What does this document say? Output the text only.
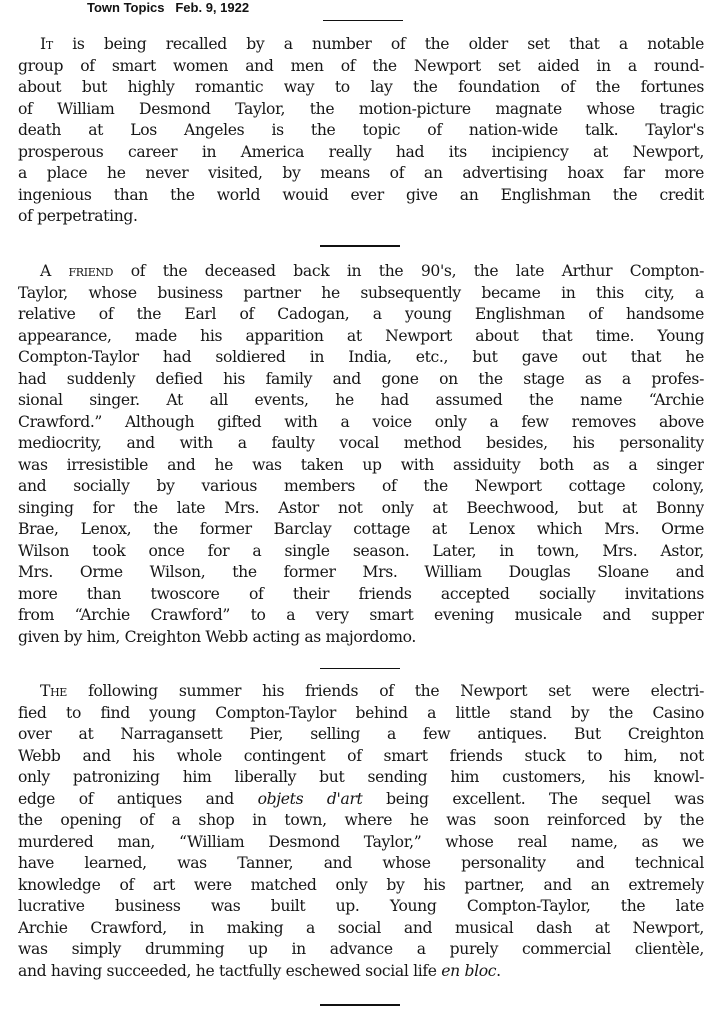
Town Topics Feb. 9, 1922
It is being recalled by a number of the older set that a notable
group of smart women and men of the Newport set aided in a round-
about but highly romantic way to lay the foundation of the fortunes
of William Desmond Taylor, the motion-picture magnate whose tragic
death at Los Angeles is the topic of nation-wide talk. Taylor's
prosperous career in America really had its incipiency at Newport,
a place he never visited, by means of an advertising hoax far more
ingenious than the world wouid ever give an Englishman the credit
of perpetrating.
A friend of the deceased back in the 90's, the late Arthur Compton-
Taylor, whose business partner he subsequently became in this city, a
relative of the Earl of Cadogan, a young Englishman of handsome
appearance, made his apparition at Newport about that time. Young
Compton-Taylor had soldiered in India, etc., but gave out that he
had suddenly defied his family and gone on the stage as a profes-
sional singer. At all events, he had assumed the name “Archie
Crawford.” Although gifted with a voice only a few removes above
mediocrity, and with a faulty vocal method besides, his personality
was irresistible and he was taken up with assiduity both as a singer
and socially by various members of the Newport cottage colony,
singing for the late Mrs. Astor not only at Beechwood, but at Bonny
Brae, Lenox, the former Barclay cottage at Lenox which Mrs. Orme
Wilson took once for a single season. Later, in town, Mrs. Astor,
Mrs. Orme Wilson, the former Mrs. William Douglas Sloane and
more than twoscore of their friends accepted socially invitations
from “Archie Crawford” to a very smart evening musicale and supper
given by him, Creighton Webb acting as majordomo.
The following summer his friends of the Newport set were electri-
fied to find young Compton-Taylor behind a little stand by the Casino
over at Narragansett Pier, selling a few antiques. But Creighton
Webb and his whole contingent of smart friends stuck to him, not
only patronizing him liberally but sending him customers, his knowl-
edge of antiques and objets d'art being excellent. The sequel was
the opening of a shop in town, where he was soon reinforced by the
murdered man, “William Desmond Taylor,” whose real name, as we
have learned, was Tanner, and whose personality and technical
knowledge of art were matched only by his partner, and an extremely
lucrative business was built up. Young Compton-Taylor, the late
Archie Crawford, in making a social and musical dash at Newport,
was simply drumming up in advance a purely commercial clientèle,
and having succeeded, he tactfully eschewed social life en bloc.
